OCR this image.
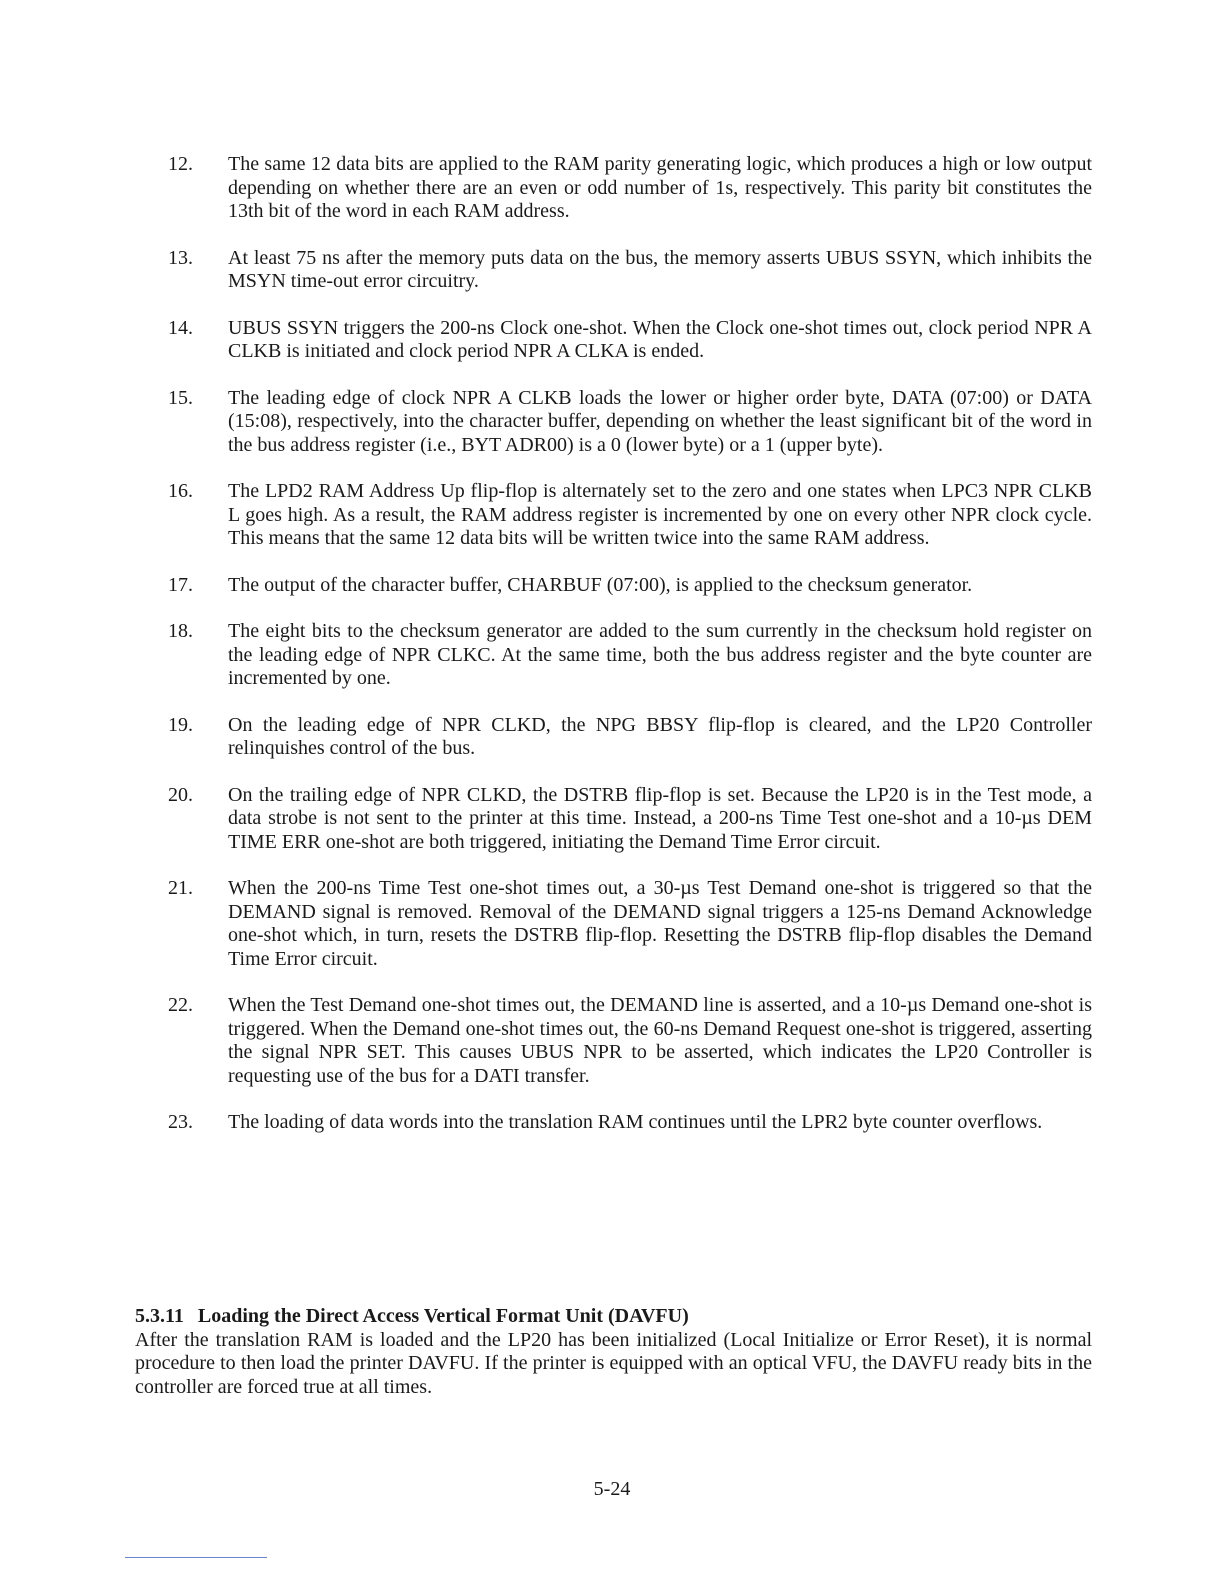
12.	The same 12 data bits are applied to the RAM parity generating logic, which produces a high or low output depending on whether there are an even or odd number of 1s, respectively. This parity bit constitutes the 13th bit of the word in each RAM address.
13.	At least 75 ns after the memory puts data on the bus, the memory asserts UBUS SSYN, which inhibits the MSYN time-out error circuitry.
14.	UBUS SSYN triggers the 200-ns Clock one-shot. When the Clock one-shot times out, clock period NPR A CLKB is initiated and clock period NPR A CLKA is ended.
15.	The leading edge of clock NPR A CLKB loads the lower or higher order byte, DATA (07:00) or DATA (15:08), respectively, into the character buffer, depending on whether the least significant bit of the word in the bus address register (i.e., BYT ADR00) is a 0 (lower byte) or a 1 (upper byte).
16.	The LPD2 RAM Address Up flip-flop is alternately set to the zero and one states when LPC3 NPR CLKB L goes high. As a result, the RAM address register is incremented by one on every other NPR clock cycle. This means that the same 12 data bits will be written twice into the same RAM address.
17.	The output of the character buffer, CHARBUF (07:00), is applied to the checksum generator.
18.	The eight bits to the checksum generator are added to the sum currently in the checksum hold register on the leading edge of NPR CLKC. At the same time, both the bus address register and the byte counter are incremented by one.
19.	On the leading edge of NPR CLKD, the NPG BBSY flip-flop is cleared, and the LP20 Controller relinquishes control of the bus.
20.	On the trailing edge of NPR CLKD, the DSTRB flip-flop is set. Because the LP20 is in the Test mode, a data strobe is not sent to the printer at this time. Instead, a 200-ns Time Test one-shot and a 10-µs DEM TIME ERR one-shot are both triggered, initiating the Demand Time Error circuit.
21.	When the 200-ns Time Test one-shot times out, a 30-µs Test Demand one-shot is triggered so that the DEMAND signal is removed. Removal of the DEMAND signal triggers a 125-ns Demand Acknowledge one-shot which, in turn, resets the DSTRB flip-flop. Resetting the DSTRB flip-flop disables the Demand Time Error circuit.
22.	When the Test Demand one-shot times out, the DEMAND line is asserted, and a 10-µs Demand one-shot is triggered. When the Demand one-shot times out, the 60-ns Demand Request one-shot is triggered, asserting the signal NPR SET. This causes UBUS NPR to be asserted, which indicates the LP20 Controller is requesting use of the bus for a DATI transfer.
23.	The loading of data words into the translation RAM continues until the LPR2 byte counter overflows.
5.3.11 Loading the Direct Access Vertical Format Unit (DAVFU)
After the translation RAM is loaded and the LP20 has been initialized (Local Initialize or Error Reset), it is normal procedure to then load the printer DAVFU. If the printer is equipped with an optical VFU, the DAVFU ready bits in the controller are forced true at all times.
5-24
